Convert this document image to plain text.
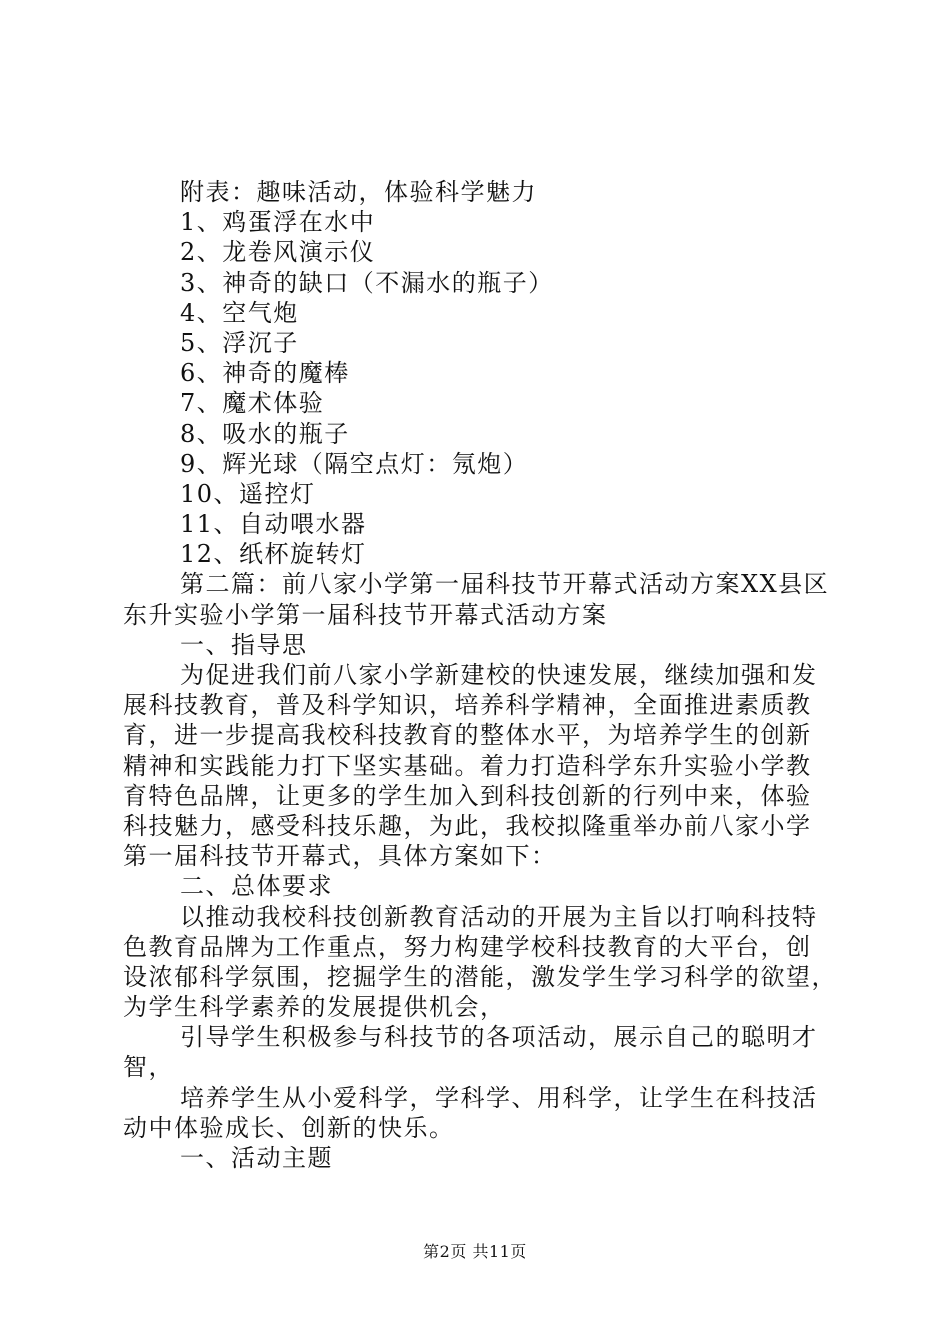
附表：趣味活动，体验科学魅力
1、鸡蛋浮在水中
2、龙卷风演示仪
3、神奇的缺口（不漏水的瓶子）
4、空气炮
5、浮沉子
6、神奇的魔棒
7、魔术体验
8、吸水的瓶子
9、辉光球（隔空点灯：氖炮）
10、遥控灯
11、自动喂水器
12、纸杯旋转灯
第二篇：前八家小学第一届科技节开幕式活动方案XX县区
东升实验小学第一届科技节开幕式活动方案
一、指导思
为促进我们前八家小学新建校的快速发展，继续加强和发
展科技教育，普及科学知识，培养科学精神，全面推进素质教
育，进一步提高我校科技教育的整体水平，为培养学生的创新
精神和实践能力打下坚实基础。着力打造科学东升实验小学教
育特色品牌，让更多的学生加入到科技创新的行列中来，体验
科技魅力，感受科技乐趣，为此，我校拟隆重举办前八家小学
第一届科技节开幕式，具体方案如下：
二、总体要求
以推动我校科技创新教育活动的开展为主旨以打响科技特
色教育品牌为工作重点，努力构建学校科技教育的大平台，创
设浓郁科学氛围，挖掘学生的潜能，激发学生学习科学的欲望，
为学生科学素养的发展提供机会，
引导学生积极参与科技节的各项活动，展示自己的聪明才
智，
培养学生从小爱科学，学科学、用科学，让学生在科技活
动中体验成长、创新的快乐。
一、活动主题
第2页 共11页
